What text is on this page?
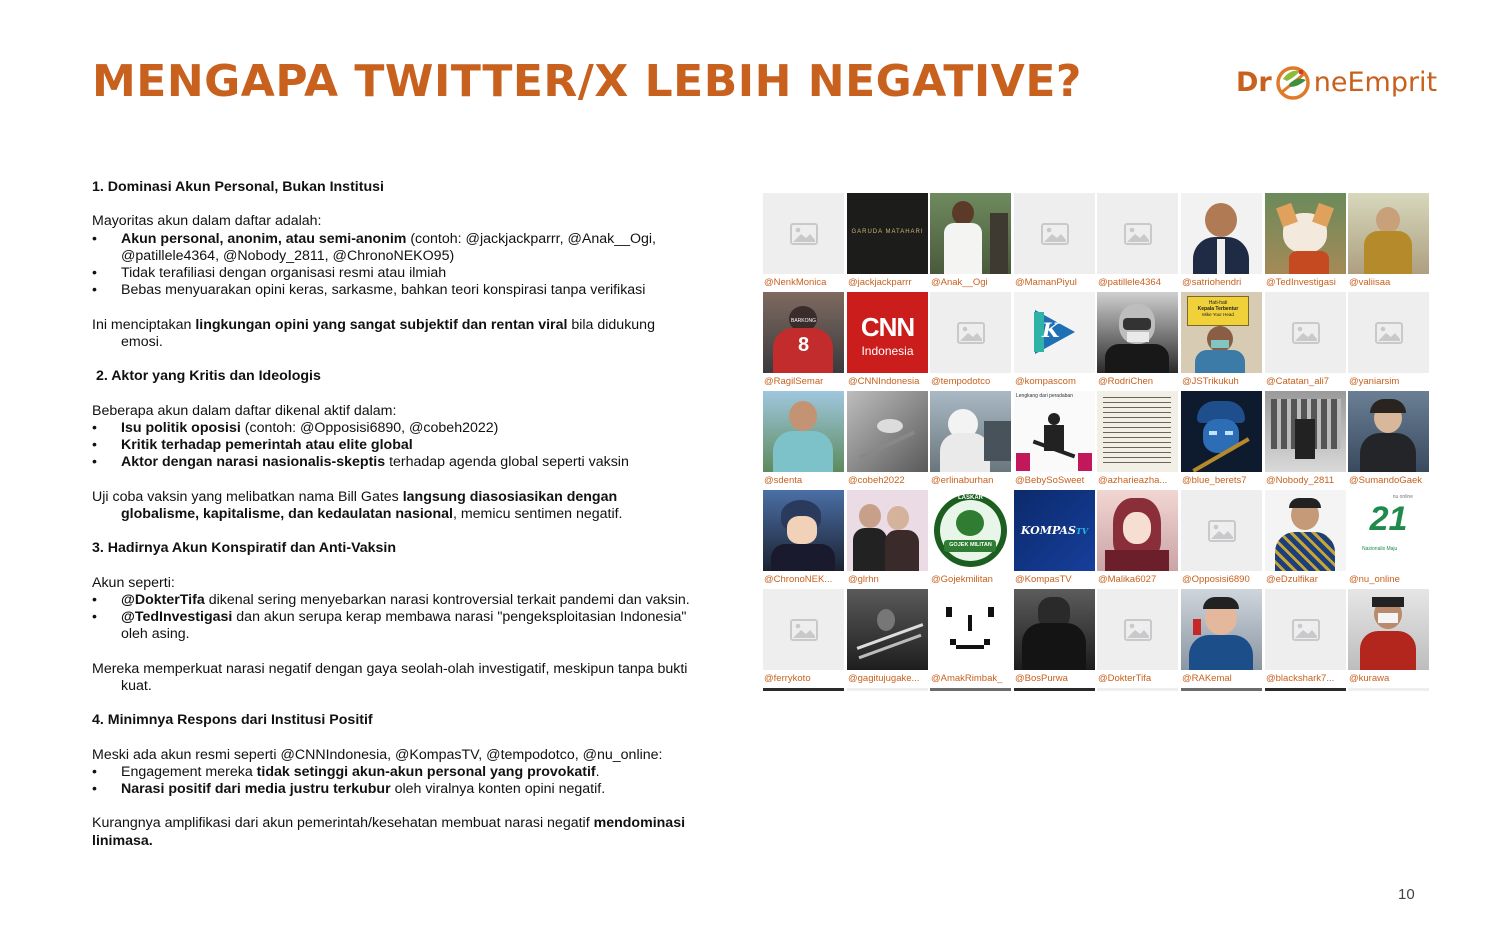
MENGAPA TWITTER/X LEBIH NEGATIVE?	Dr neEmprit

1. Dominasi Akun Personal, Bukan Institusi

Mayoritas akun dalam daftar adalah:

• Akun personal, anonim, atau semi-anonim (contoh: @jackjackparrr, @Anak__Ogi,
@patillele4364, @Nobody_2811, @ChronoNEKO95)
• Tidak terafiliasi dengan organisasi resmi atau ilmiah
• Bebas menyuarakan opini keras, sarkasme, bahkan teori konspirasi tanpa verifikasi

Ini menciptakan lingkungan opini yang sangat subjektif dan rentan viral bila didukung
emosi.

2. Aktor yang Kritis dan Ideologis

Beberapa akun dalam daftar dikenal aktif dalam:

• Isu politik oposisi (contoh: @Opposisi6890, @cobeh2022)
• Kritik terhadap pemerintah atau elite global
• Aktor dengan narasi nasionalis-skeptis terhadap agenda global seperti vaksin

Uji coba vaksin yang melibatkan nama Bill Gates langsung diasosiasikan dengan
globalisme, kapitalisme, dan kedaulatan nasional, memicu sentimen negatif.

3. Hadirnya Akun Konspiratif dan Anti-Vaksin

Akun seperti:

• @DokterTifa dikenal sering menyebarkan narasi kontroversial terkait pandemi dan vaksin.
• @TedInvestigasi dan akun serupa kerap membawa narasi "pengeksploitasian Indonesia"
oleh asing.

Mereka memperkuat narasi negatif dengan gaya seolah-olah investigatif, meskipun tanpa bukti
kuat.

4. Minimnya Respons dari Institusi Positif

Meski ada akun resmi seperti @CNNIndonesia, @KompasTV, @tempodotco, @nu_online:

• Engagement mereka tidak setinggi akun-akun personal yang provokatif.
• Narasi positif dari media justru terkubur oleh viralnya konten opini negatif.

Kurangnya amplifikasi dari akun pemerintah/kesehatan membuat narasi negatif mendominasi
linimasa.

@NenkMonica
GARUDA MATAHARI
@jackjackparrr	@Anak__Ogi	@MamanPiyul	@patillele4364	@satriohendri	@TedInvestigasi	@valiisaa
BARKONG
8
@RagilSemar
CNN
Indonesia
@CNNIndonesia	@tempodotco
K
@kompascom	@RodriChen
Hati-hati
Kepala Terbentur
Mike Your Head
@JSTrikukuh	@Catatan_ali7	@yaniarsim
@sdenta	@cobeh2022	@erlinaburhan
Lengkang dari peradaban
@BebySoSweet	@azharieazha...	@blue_berets7	@Nobody_2811	@SumandoGaek
@ChronoNEK...	@glrhn
LASKAR
GOJEK MILITAN
@Gojekmilitan
KOMPASTV
@KompasTV	@Malika6027	@Opposisi6890	@eDzulfikar
nu online
21
Nasionalis Maju
@nu_online
@ferrykoto	@gagitujugake...	@AmakRimbak_	@BosPurwa	@DokterTifa	@RAKemal	@blackshark7...	@kurawa
10
